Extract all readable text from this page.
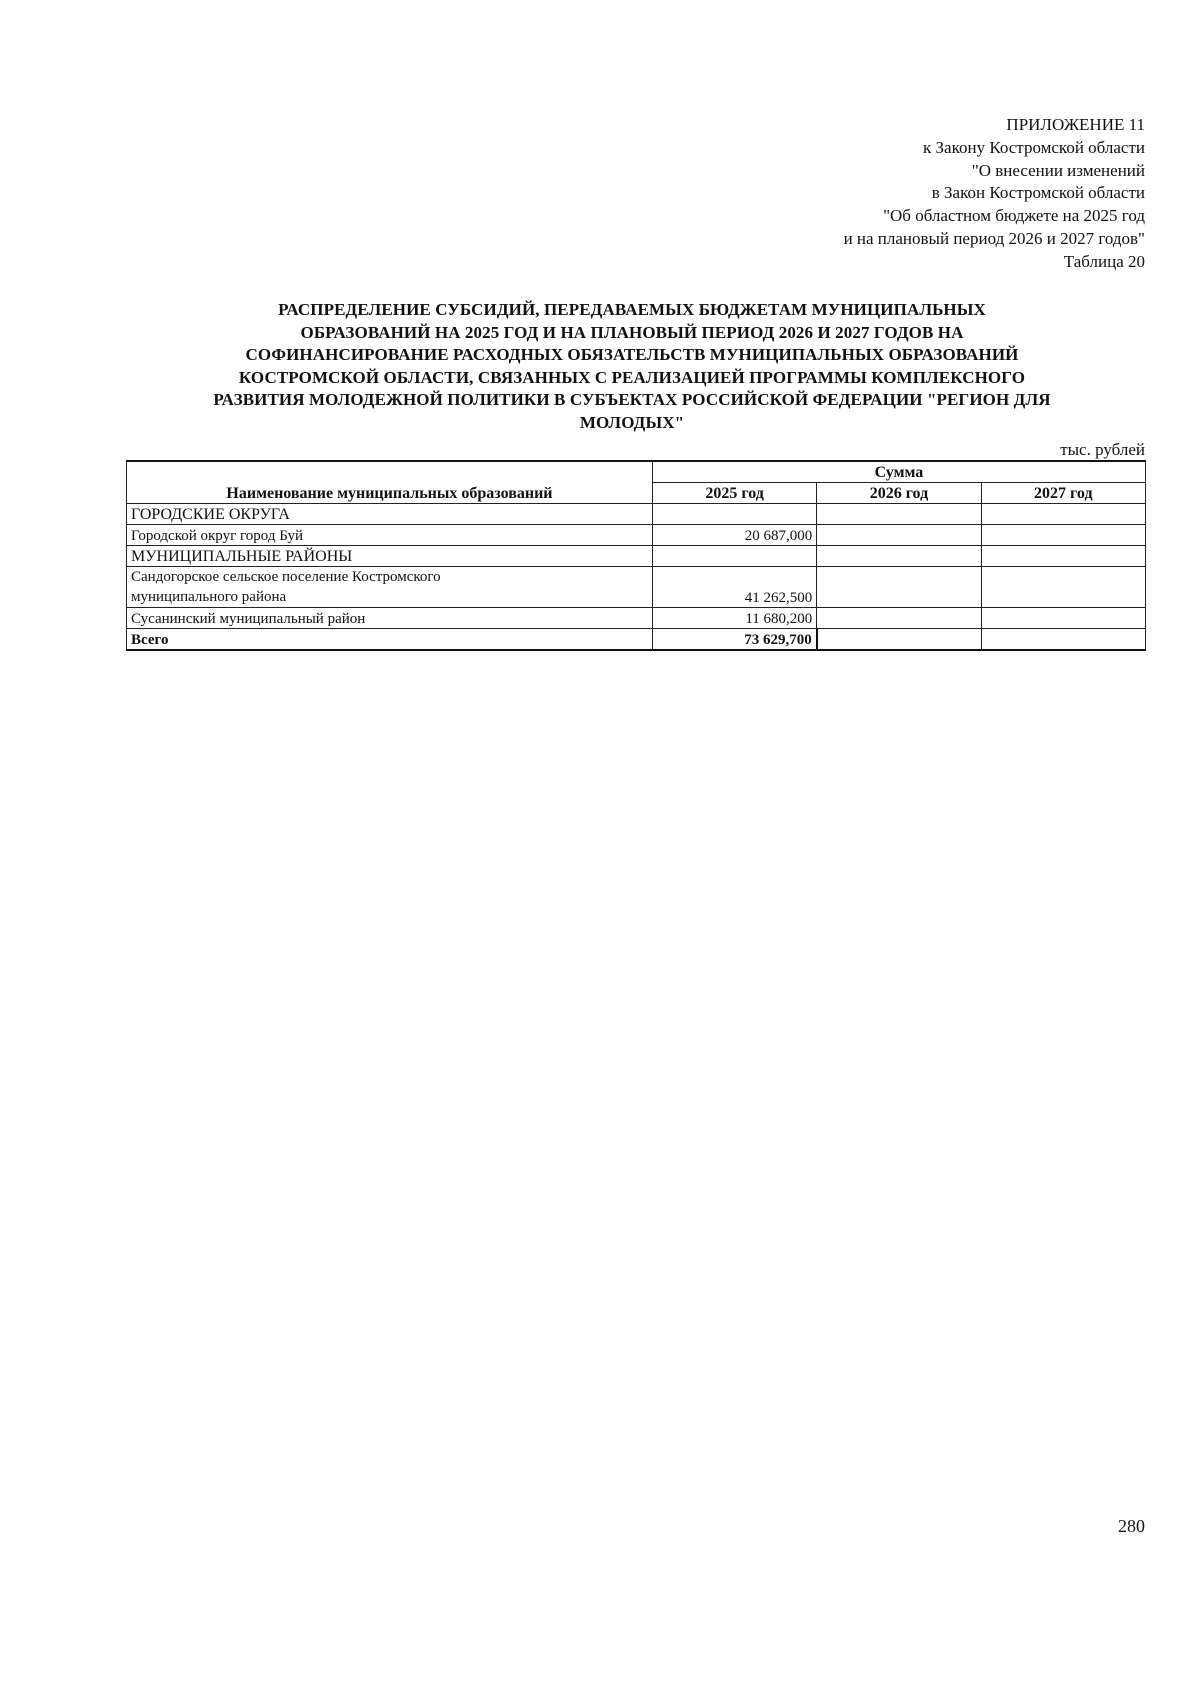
ПРИЛОЖЕНИЕ 11
к Закону Костромской области
"О внесении изменений
в Закон Костромской области
"Об областном бюджете на 2025 год
и на плановый период 2026 и 2027 годов"
Таблица 20
РАСПРЕДЕЛЕНИЕ СУБСИДИЙ, ПЕРЕДАВАЕМЫХ БЮДЖЕТАМ МУНИЦИПАЛЬНЫХ
ОБРАЗОВАНИЙ НА 2025 ГОД И НА ПЛАНОВЫЙ ПЕРИОД 2026 И 2027 ГОДОВ НА
СОФИНАНСИРОВАНИЕ РАСХОДНЫХ ОБЯЗАТЕЛЬСТВ МУНИЦИПАЛЬНЫХ ОБРАЗОВАНИЙ
КОСТРОМСКОЙ ОБЛАСТИ, СВЯЗАННЫХ С РЕАЛИЗАЦИЕЙ ПРОГРАММЫ КОМПЛЕКСНОГО
РАЗВИТИЯ МОЛОДЕЖНОЙ ПОЛИТИКИ В СУБЪЕКТАХ РОССИЙСКОЙ ФЕДЕРАЦИИ "РЕГИОН ДЛЯ
МОЛОДЫХ"
тыс. рублей
Наименование муниципальных образований	Сумма		
	2025 год	2026 год	2027 год
ГОРОДСКИЕ ОКРУГА			
Городской округ город Буй	20 687,000		
МУНИЦИПАЛЬНЫЕ РАЙОНЫ			

Сандогорское сельское поселение Костромского
муниципального района	41 262,500		
Сусанинский муниципальный район	11 680,200		
Всего	73 629,700		
280
